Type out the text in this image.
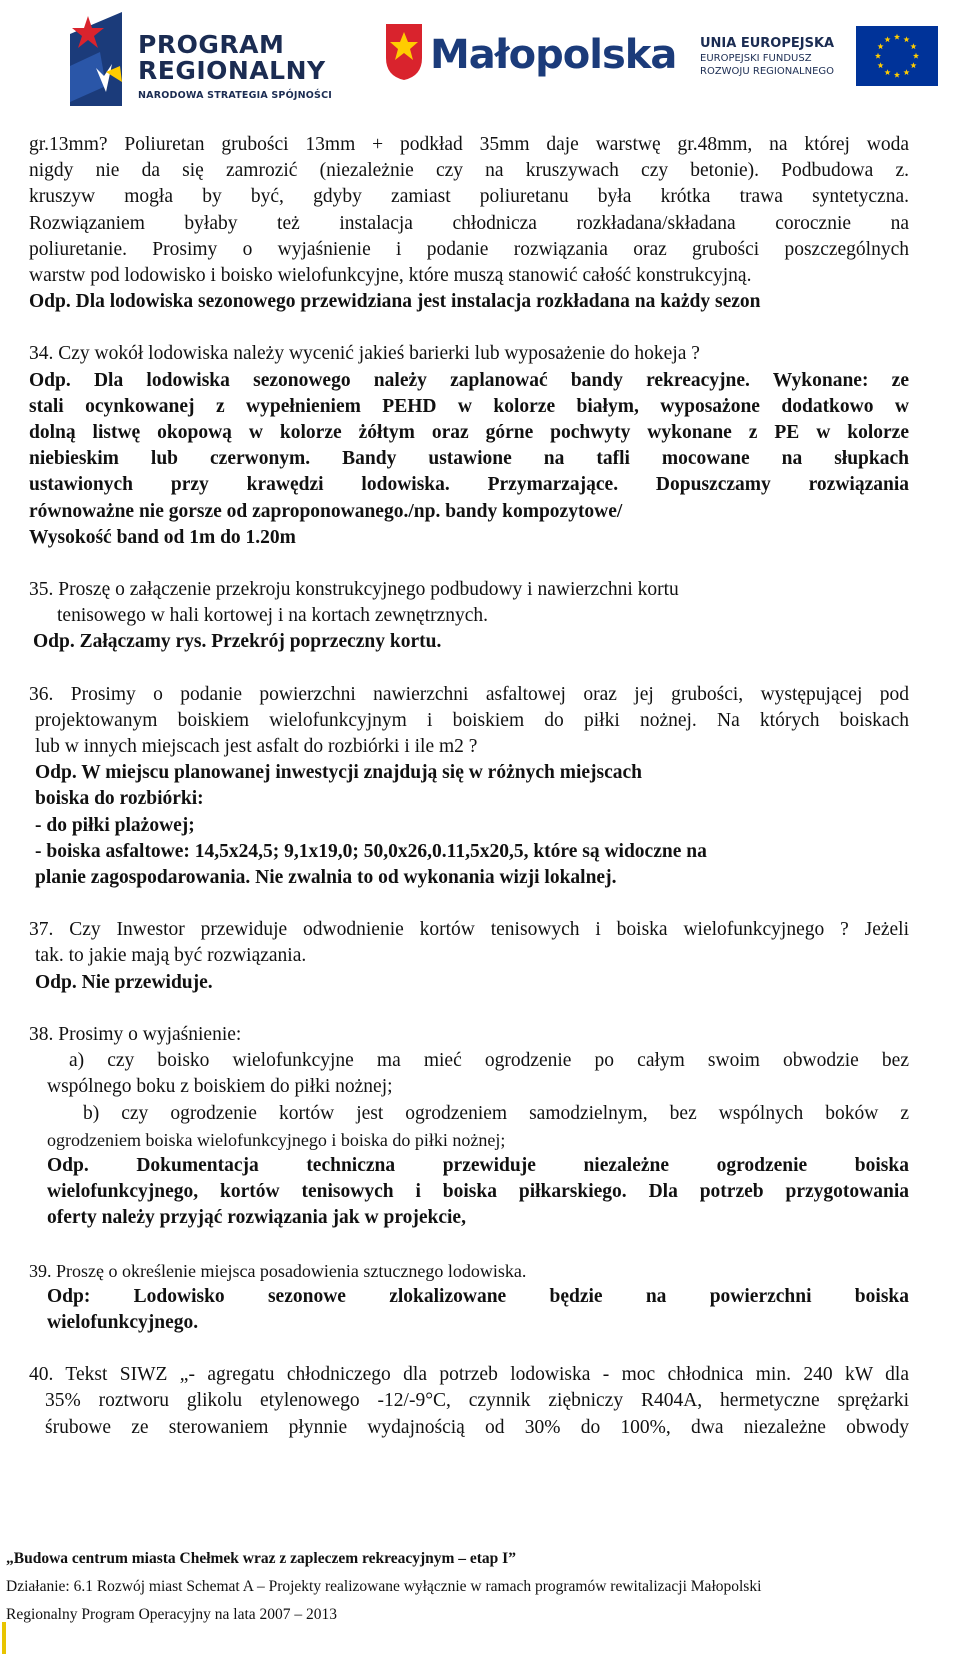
PROGRAM
REGIONALNY
NARODOWA STRATEGIA SPÓJNOŚCI
Małopolska UNIA EUROPEJSKA
EUROPEJSKI FUNDUSZ
ROZWOJU REGIONALNEGO

gr.13mm? Poliuretan grubości 13mm + podkład 35mm daje warstwę gr.48mm, na której woda

nigdy nie da się zamrozić (niezależnie czy na kruszywach czy betonie). Podbudowa z.

kruszyw mogła by być, gdyby zamiast poliuretanu była krótka trawa syntetyczna.

Rozwiązaniem byłaby też instalacja chłodnicza rozkładana/składana corocznie na

poliuretanie. Prosimy o wyjaśnienie i podanie rozwiązania oraz grubości poszczególnych

warstw pod lodowisko i boisko wielofunkcyjne, które muszą stanowić całość konstrukcyjną.

Odp. Dla lodowiska sezonowego przewidziana jest instalacja rozkładana na każdy sezon

34. Czy wokół lodowiska należy wycenić jakieś barierki lub wyposażenie do hokeja ?

Odp. Dla lodowiska sezonowego należy zaplanować bandy rekreacyjne. Wykonane: ze

stali ocynkowanej z wypełnieniem PEHD w kolorze białym, wyposażone dodatkowo w

dolną listwę okopową w kolorze żółtym oraz górne pochwyty wykonane z PE w kolorze

niebieskim lub czerwonym. Bandy ustawione na tafli mocowane na słupkach

ustawionych przy krawędzi lodowiska. Przymarzające. Dopuszczamy rozwiązania

równoważne nie gorsze od zaproponowanego./np. bandy kompozytowe/

Wysokość band od 1m do 1.20m

35. Proszę o załączenie przekroju konstrukcyjnego podbudowy i nawierzchni kortu

tenisowego w hali kortowej i na kortach zewnętrznych.

Odp. Załączamy rys. Przekrój poprzeczny kortu.

36. Prosimy o podanie powierzchni nawierzchni asfaltowej oraz jej grubości, występującej pod

projektowanym boiskiem wielofunkcyjnym i boiskiem do piłki nożnej. Na których boiskach

lub w innych miejscach jest asfalt do rozbiórki i ile m2 ?

Odp. W miejscu planowanej inwestycji znajdują się w różnych miejscach

boiska do rozbiórki:

- do piłki plażowej;

- boiska asfaltowe: 14,5x24,5; 9,1x19,0; 50,0x26,0.11,5x20,5, które są widoczne na

planie zagospodarowania. Nie zwalnia to od wykonania wizji lokalnej.

37. Czy Inwestor przewiduje odwodnienie kortów tenisowych i boiska wielofunkcyjnego ? Jeżeli

tak. to jakie mają być rozwiązania.

Odp. Nie przewiduje.

38. Prosimy o wyjaśnienie:

a) czy boisko wielofunkcyjne ma mieć ogrodzenie po całym swoim obwodzie bez

wspólnego boku z boiskiem do piłki nożnej;

b) czy ogrodzenie kortów jest ogrodzeniem samodzielnym, bez wspólnych boków z

ogrodzeniem boiska wielofunkcyjnego i boiska do piłki nożnej;

Odp. Dokumentacja techniczna przewiduje niezależne ogrodzenie boiska

wielofunkcyjnego, kortów tenisowych i boiska piłkarskiego. Dla potrzeb przygotowania

oferty należy przyjąć rozwiązania jak w projekcie,

39. Proszę o określenie miejsca posadowienia sztucznego lodowiska.

Odp: Lodowisko sezonowe zlokalizowane będzie na powierzchni boiska

wielofunkcyjnego.

40. Tekst SIWZ „- agregatu chłodniczego dla potrzeb lodowiska - moc chłodnica min. 240 kW dla

35% roztworu glikolu etylenowego -12/-9°C, czynnik ziębniczy R404A, hermetyczne sprężarki

śrubowe ze sterowaniem płynnie wydajnością od 30% do 100%, dwa niezależne obwody

„Budowa centrum miasta Chełmek wraz z zapleczem rekreacyjnym – etap I”

Działanie: 6.1 Rozwój miast Schemat A – Projekty realizowane wyłącznie w ramach programów rewitalizacji Małopolski

Regionalny Program Operacyjny na lata 2007 – 2013
